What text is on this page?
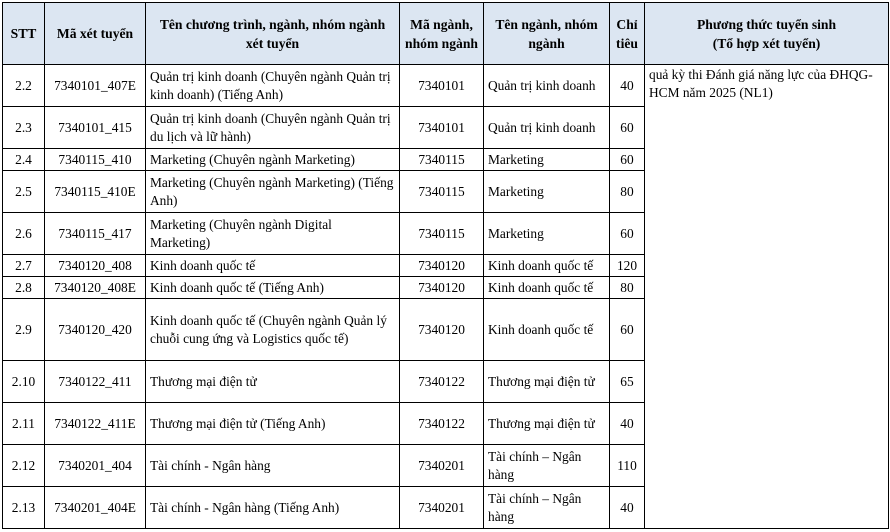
STT	Mã xét tuyển	Tên chương trình, ngành, nhóm ngành xét tuyển	Mã ngành, nhóm ngành	Tên ngành, nhóm ngành	Chỉ tiêu	Phương thức tuyển sinh
(Tổ hợp xét tuyển)

2.2	7340101_407E	Quản trị kinh doanh (Chuyên ngành Quản trị kinh doanh) (Tiếng Anh)	7340101	Quản trị kinh doanh	40	quả kỳ thi Đánh giá năng lực của ĐHQG-HCM năm 2025 (NL1)
2.3	7340101_415	Quản trị kinh doanh (Chuyên ngành Quản trị du lịch và lữ hành)	7340101	Quản trị kinh doanh	60	
2.4	7340115_410	Marketing (Chuyên ngành Marketing)	7340115	Marketing	60	
2.5	7340115_410E	Marketing (Chuyên ngành Marketing) (Tiếng Anh)	7340115	Marketing	80	
2.6	7340115_417	Marketing (Chuyên ngành Digital Marketing)	7340115	Marketing	60	
2.7	7340120_408	Kinh doanh quốc tế	7340120	Kinh doanh quốc tế	120	
2.8	7340120_408E	Kinh doanh quốc tế (Tiếng Anh)	7340120	Kinh doanh quốc tế	80	
2.9	7340120_420	Kinh doanh quốc tế (Chuyên ngành Quản lý chuỗi cung ứng và Logistics quốc tế)	7340120	Kinh doanh quốc tế	60	
2.10	7340122_411	Thương mại điện tử	7340122	Thương mại điện tử	65	
2.11	7340122_411E	Thương mại điện tử (Tiếng Anh)	7340122	Thương mại điện tử	40	
2.12	7340201_404	Tài chính - Ngân hàng	7340201	Tài chính – Ngân hàng	110	
2.13	7340201_404E	Tài chính - Ngân hàng (Tiếng Anh)	7340201	Tài chính – Ngân hàng	40	
